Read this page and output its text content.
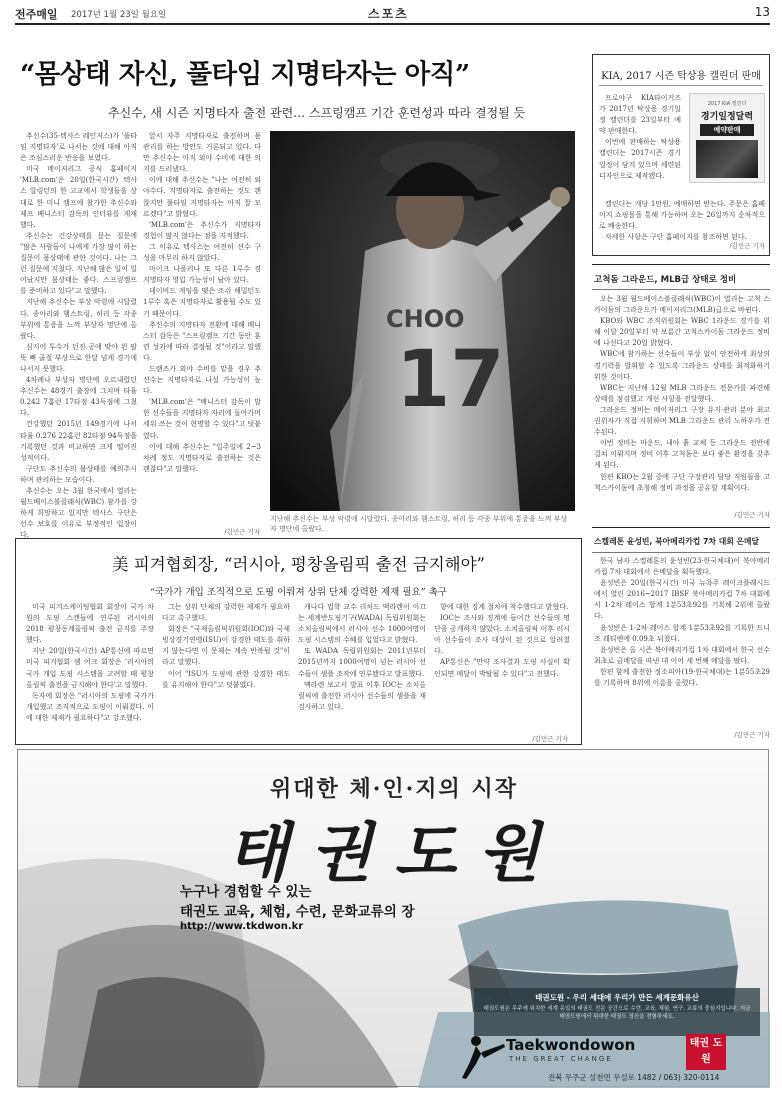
전주매일 2017년 1월 23일 월요일	스포츠	13
“몸상태 자신, 풀타임 지명타자는 아직”
추신수, 새 시즌 지명타자 출전 관련… 스프링캠프 기간 훈련성과 따라 결정될 듯

추신수(35·텍사스 레인저스)가 '풀타임 지명타자'로 나서는 것에 대해 아직은 조심스러운 반응을 보였다.

미국 메이저리그 공식 홈페이지 'MLB.com'은 20일(한국시간) 텍사스 알링턴의 한 고교에서 학생들을 상대로 한 미니 캠프에 참가한 추신수와 제프 배니스터 감독의 인터뷰를 게재했다.

추신수는 건강상태를 묻는 질문에 "많은 사람들이 나에게 가장 많이 하는 질문이 몸상태에 관한 것이다. 나는 그런 질문에 지쳤다. 지난해 많은 일이 일어났지만 몸상태는 좋다. 스프링캠프를 준비하고 있다"고 말했다.

지난해 추신수는 부상 악령에 시달렸다. 종아리와 햄스트링, 허리 등 각종 부위에 통증을 느껴 부상자 명단에 올랐다.

심지어 투수가 던진 공에 맞아 왼 팔뚝 뼈 골절 부상으로 한달 넘게 경기에 나서지 못했다.

4차례나 부상자 명단에 오르내렸던 추신수는 48경기 출장에 그치며 타율 0.242 7홈런 17타점 43득점에 그쳤다.

건강했던 2015년 149경기에 나서 타율 0.276 22홈런 82타점 94득점을 기록했던 것과 비교하면 크게 떨어진 성적이다.

구단도 추신수의 몸상태를 예의주시하며 관리하는 모습이다.

추신수는 오는 3월 한국에서 열리는 월드베이스볼클래식(WBC) 참가를 강하게 희망하고 있지만 텍사스 구단은 선수 보호를 이유로 부정적인 입장이다.

앞서 자주 지명타자로 출전하며 몸 관리를 하는 방안도 거론되고 있다. 다만 추신수는 아직 외야 수비에 대한 의지를 드러냈다.

이에 대해 추신수는 "나는 여전히 외야수다. 지명타자로 출전하는 것도 괜찮지만 풀타임 지명타자는 아직 잘 모르겠다"고 밝혔다.

'MLB.com'은 추신수가 지명타자 경험이 많지 않다는 점을 지적했다.

그 이유로 텍사스는 여전히 선수 구성을 마무리 하지 않았다.

마이크 나폴리나 또 다른 1루수 겸 지명타자 영입 가능성이 남아 있다.

데이비드 게임을 맺은 조쉬 해밀턴도 1루수 혹은 지명타자로 활용될 수도 있기 때문이다.

추신수의 지명타자 전환에 대해 배니스터 감독은 "스프링캠프 기간 동안 훈련 성과에 따라 결정될 것"이라고 말했다.

드랜즈가 외야 수비를 맡을 경우 추신수는 지명타자로 나설 가능성이 높다.

'MLB.com'은 "배니스터 감독이 말한 선수들을 지명타자 자리에 돌아가며 세워 쓰는 것이 현명할 수 있다"고 덧붙였다.

이에 대해 추신수는 "일주일에 2~3차례 정도 지명타자로 출전하는 것은 괜찮다"고 말했다.

/김민근 기자
CHOO
17
지난해 추신수는 부상 악령에 시달렸다. 종아리와 햄스트링, 허리 등 각종 부위에 통증을 느껴 부상자 명단에 올랐다.
KIA, 2017 시즌 탁상용 캘린더 판매

프로야구 KIA타이거즈가 2017년 탁상용 경기일정 캘린더를 23일부터 예약 판매한다.

이번에 판매하는 탁상용 캘린더는 2017시즌 경기 일정이 담겨 있으며 세련된 디자인으로 제작됐다.

2017 KIA 캘린더
경기일정달력
예약판매

캘린더는 개당 1만원, 예매하면 받는다. 주문은 홈페이지 쇼핑몰을 통해 가능하며 오는 26일까지 순차적으로 배송한다.

자세한 사항은 구단 홈페이지를 참조하면 된다.

/김민근 기자
고척돔 그라운드, MLB급 상태로 정비

오는 3월 월드베이스볼클래식(WBC)이 열리는 고척 스카이돔의 그라운드가 메이저리그(MLB)급으로 바뀐다.

KBO와 WBC 조직위원회는 WBC 1라운드 경기를 위해 이달 20일부터 약 보름간 고척스카이돔 그라운드 정비에 나선다고 20일 밝혔다.

WBC에 참가하는 선수들이 부상 없이 안전하게 최상의 경기력을 발휘할 수 있도록 그라운드 상태를 최적화하기 위한 것이다.

WBC는 지난해 12월 MLB 그라운드 전문가를 파견해 상태를 점검했고 개선 사항을 전달했다.

그라운드 정비는 메이저리그 구장 유지·관리 분야 최고 권위자가 직접 지휘하며 MLB 그라운드 관리 노하우가 전수된다.

이번 정비는 마운드, 내야 흙 교체 등 그라운드 전반에 걸쳐 이뤄지며 정비 이후 고척돔은 보다 좋은 환경을 갖추게 된다.

한편 KBO는 2월 중에 구단 구장관리 담당 직원들을 고척스카이돔에 초청해 정비 과정을 공유할 계획이다.

/김민근 기자
스켈레톤 윤성빈, 북아메리카컵 7차 대회 은메달

한국 남자 스켈레톤의 윤성빈(23·한국체대)이 북아메리카컵 7차 대회에서 은메달을 획득했다.

윤성빈은 20일(한국시간) 미국 뉴욕주 레이크플래시드에서 열린 2016~2017 IBSF 북아메리카컵 7차 대회에서 1·2차 레이스 합계 1분53초92를 기록해 2위에 올랐다.

윤성빈은 1·2차 레이스 합계 1분53초92를 기록한 드니 조 레티엔에 0.09초 뒤졌다.

윤성빈은 올 시즌 북아메리카컵 1차 대회에서 한국 선수 최초로 금메달을 따낸 데 이어 세 번째 메달을 땄다.

한편 함께 출전한 정소피아(19·한국체대)는 1분55초29를 기록하며 8위에 이름을 올렸다.

/김민근 기자
美 피겨협회장, “러시아, 평창올림픽 출전 금지해야”
“국가가 개입 조직적으로 도핑 이뤄져 상위 단체 강력한 제재 필요” 촉구

미국 피겨스케이팅협회 회장이 국가 차원의 도핑 스캔들에 연루된 러시아의 2018 평창동계올림픽 출전 금지를 주장했다.

지난 20일(한국시간) AP통신에 따르면 미국 피겨협회 샘 어크 회장은 '러시아의 국가 개입 도핑 시스템을 고려할 때 평창올림픽 출전을 금지해야 한다'고 말했다.

독자에 회장은 "러시아의 도핑에 국가가 개입했고 조직적으로 도핑이 이뤄졌다. 이에 대한 제재가 필요하다"고 강조했다.

그는 상위 단체의 강력한 제재가 필요하다고 촉구했다.

회장은 "국제올림픽위원회(IOC)와 국제빙상경기연맹(ISU)이 강경한 태도를 취하지 않는다면 이 문제는 계속 반복될 것"이라고 말했다.

이어 "ISU가 도핑에 관한 강경한 태도를 유지해야 한다"고 덧붙였다.

캐나다 법학 교수 리처드 맥라렌이 이끄는 세계반도핑기구(WADA) 독립위원회는 소치올림픽에서 러시아 선수 1000여명이 도핑 시스템의 수혜를 입었다고 밝혔다.

또 WADA 독립위원회는 2011년부터 2015년까지 1000여명이 넘는 러시아 선수들이 샘플 조작에 연루됐다고 발표했다.

맥라렌 보고서 발표 이후 IOC는 소치올림픽에 출전한 러시아 선수들의 샘플을 재검사하고 있다.

향에 대한 징계 절차에 착수했다고 밝혔다.

IOC는 조사와 징계에 들어간 선수들의 명단을 공개하지 않았다. 소치올림픽 이후 러시아 선수들이 조사 대상이 된 것으로 알려졌다.

AP통신은 "만약 조사결과 도핑 사실이 확인되면 메달이 박탈될 수 있다"고 전했다.

/김민근 기자
위대한 체·인·지의 시작
태권도원
누구나 경험할 수 있는
태권도 교육, 체험, 수련, 문화교류의 장
http://www.tkdwon.kr
태권도원 - 우리 세대에 우리가 만든 세계문화유산
태권도원은 무주에 위치한 세계 유일의 태권도 전문 공간으로 수련, 교육, 체험, 연구, 교류의 중심지입니다. 지금 태권도원에서 위대한 태권도 정신을 경험하세요.
Taekwondowon
THE GREAT CHANGE
태권 도원
전북 무주군 설천면 무설로 1482 / 063) 320-0114
